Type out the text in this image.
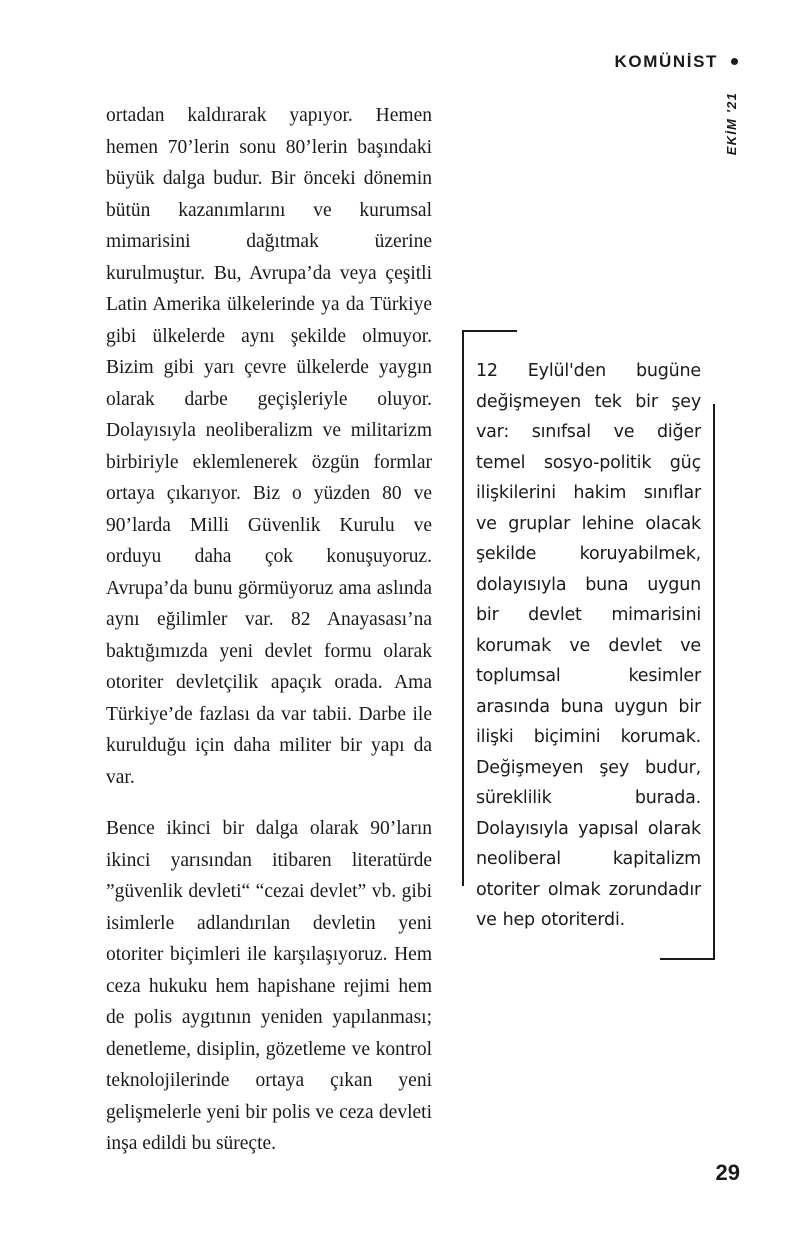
KOMÜNİST
EKİM '21

ortadan kaldırarak yapıyor. Hemen hemen 70’lerin sonu 80’lerin başındaki büyük dalga budur. Bir önceki dönemin bütün kazanımlarını ve kurumsal mimarisini dağıtmak üzerine kurulmuştur. Bu, Avrupa’da veya çeşitli Latin Amerika ülkelerinde ya da Türkiye gibi ülkelerde aynı şekilde olmuyor. Bizim gibi yarı çevre ülkelerde yaygın olarak darbe geçişleriyle oluyor. Dolayısıyla neoliberalizm ve militarizm birbiriyle eklemlenerek özgün formlar ortaya çıkarıyor. Biz o yüzden 80 ve 90’larda Milli Güvenlik Kurulu ve orduyu daha çok konuşuyoruz. Avrupa’da bunu görmüyoruz ama aslında aynı eğilimler var. 82 Anayasası’na baktığımızda yeni devlet formu olarak otoriter devletçilik apaçık orada. Ama Türkiye’de fazlası da var tabii. Darbe ile kurulduğu için daha militer bir yapı da var.

Bence ikinci bir dalga olarak 90’ların ikinci yarısından itibaren literatürde ”güvenlik devleti“ “cezai devlet” vb. gibi isimlerle adlandırılan devletin yeni otoriter biçimleri ile karşılaşıyoruz. Hem ceza hukuku hem hapishane rejimi hem de polis aygıtının yeniden yapılanması; denetleme, disiplin, gözetleme ve kontrol teknolojilerinde ortaya çıkan yeni gelişmelerle yeni bir polis ve ceza devleti inşa edildi bu süreçte.

12 Eylül'den bugüne değişmeyen tek bir şey var: sınıfsal ve diğer temel sosyo-politik güç ilişkilerini hakim sınıflar ve gruplar lehine olacak şekilde koruyabilmek, dolayısıyla buna uygun bir devlet mimarisini korumak ve devlet ve toplumsal kesimler arasında buna uygun bir ilişki biçimini korumak. Değişmeyen şey budur, süreklilik burada. Dolayısıyla yapısal olarak neoliberal kapitalizm otoriter olmak zorundadır ve hep otoriterdi.
29
